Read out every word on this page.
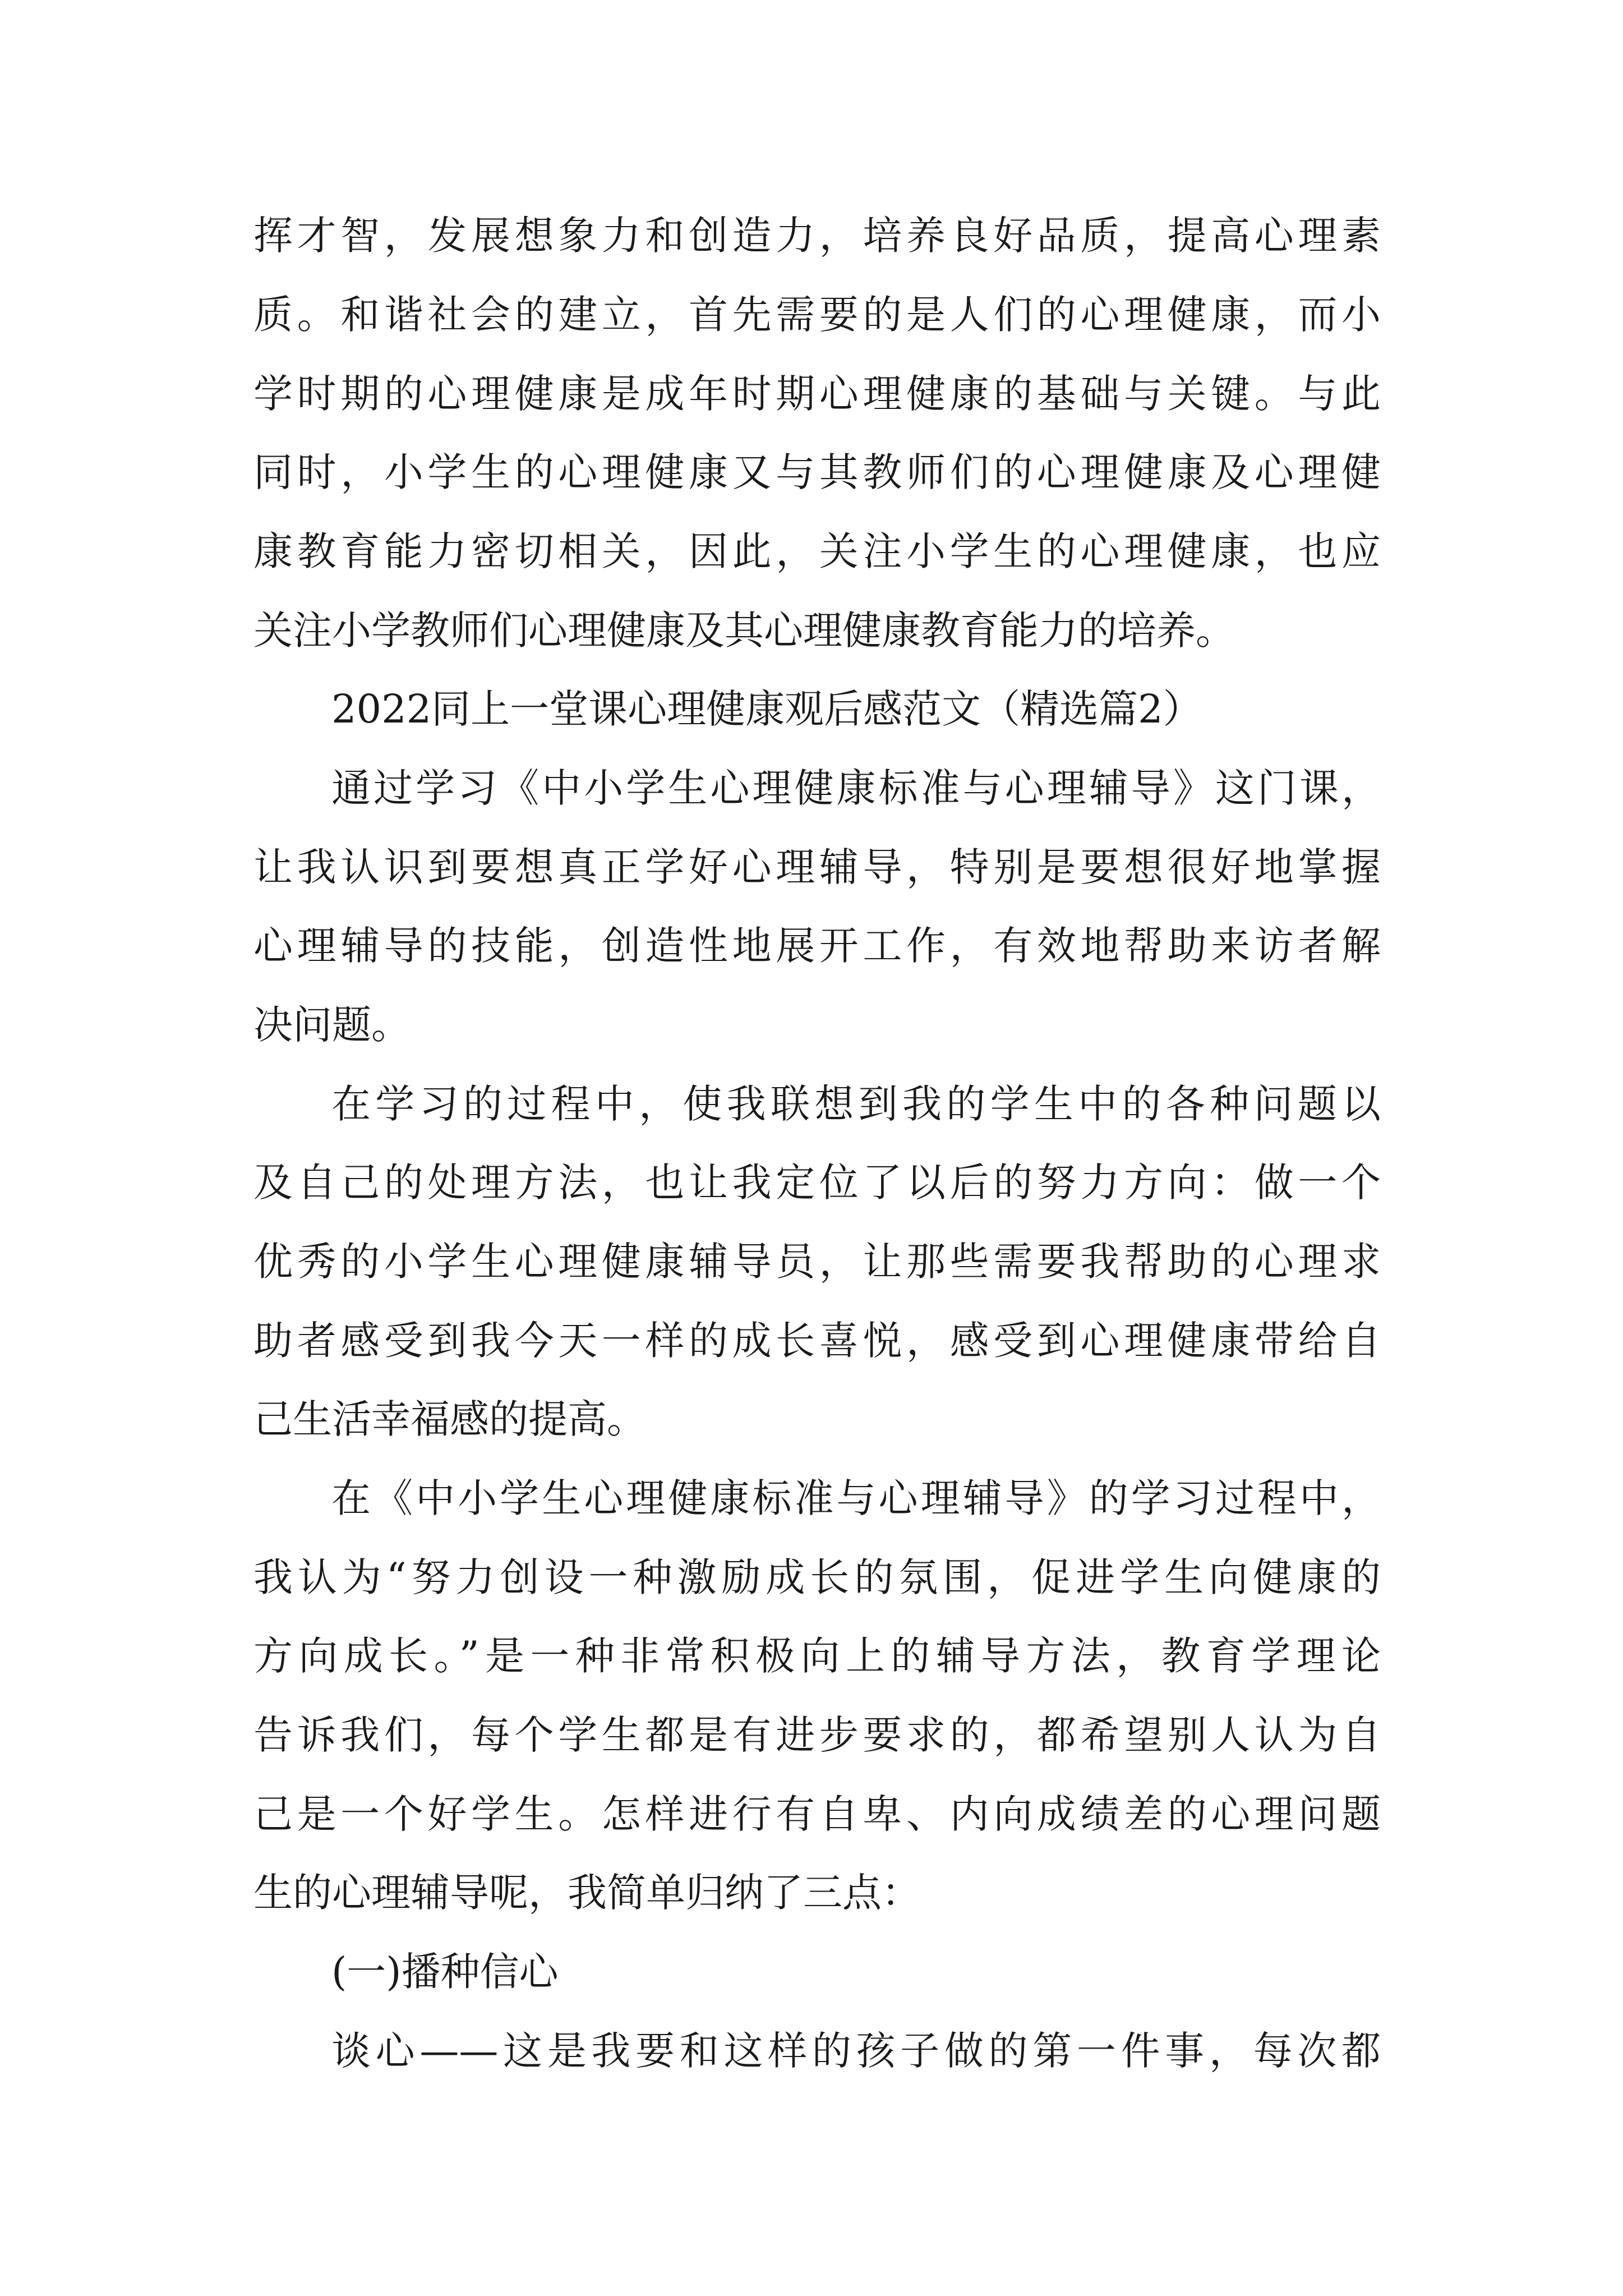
挥才智，发展想象力和创造力，培养良好品质，提高心理素
质。和谐社会的建立，首先需要的是人们的心理健康，而小
学时期的心理健康是成年时期心理健康的基础与关键。与此
同时，小学生的心理健康又与其教师们的心理健康及心理健
康教育能力密切相关，因此，关注小学生的心理健康，也应
关注小学教师们心理健康及其心理健康教育能力的培养。
2022同上一堂课心理健康观后感范文（精选篇2）
通过学习《中小学生心理健康标准与心理辅导》这门课，
让我认识到要想真正学好心理辅导，特别是要想很好地掌握
心理辅导的技能，创造性地展开工作，有效地帮助来访者解
决问题。
在学习的过程中，使我联想到我的学生中的各种问题以
及自己的处理方法，也让我定位了以后的努力方向：做一个
优秀的小学生心理健康辅导员，让那些需要我帮助的心理求
助者感受到我今天一样的成长喜悦，感受到心理健康带给自
己生活幸福感的提高。
在《中小学生心理健康标准与心理辅导》的学习过程中，
我认为“努力创设一种激励成长的氛围，促进学生向健康的
方向成长。”是一种非常积极向上的辅导方法，教育学理论
告诉我们，每个学生都是有进步要求的，都希望别人认为自
己是一个好学生。怎样进行有自卑、内向成绩差的心理问题
生的心理辅导呢，我简单归纳了三点：
(一)播种信心
谈心——这是我要和这样的孩子做的第一件事，每次都
